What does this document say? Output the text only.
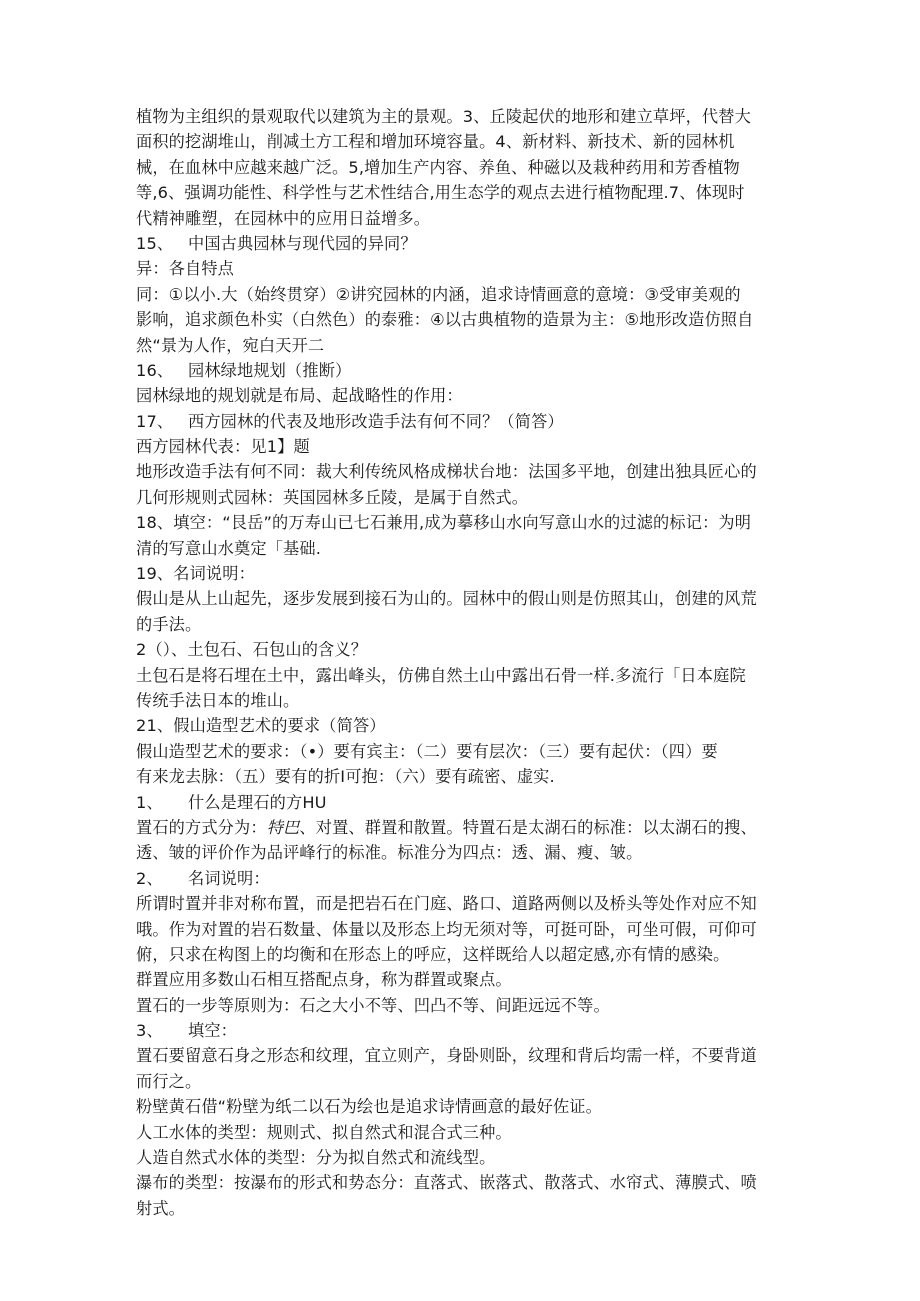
植物为主组织的景观取代以建筑为主的景观。3、丘陵起伏的地形和建立草坪，代替大
面积的挖湖堆山，削减土方工程和增加环境容量。4、新材料、新技术、新的园林机
械，在血林中应越来越广泛。5,增加生产内容、养鱼、种磁以及栽种药用和芳香植物
等,6、强调功能性、科学性与艺术性结合,用生态学的观点去进行植物配理.7、体现时
代精神雕塑，在园林中的应用日益增多。
15、 中国古典园林与现代园的异同？
异：各自特点
同：①以小.大（始终贯穿）②讲究园林的内涵，追求诗情画意的意境：③受审美观的
影响，追求颜色朴实（白然色）的泰雅：④以古典植物的造景为主：⑤地形改造仿照自
然“景为人作，宛白天开二
16、 园林绿地规划（推断）
园林绿地的规划就是布局、起战略性的作用：
17、 西方园林的代表及地形改造手法有何不同？（简答）
西方园林代表：见1】题
地形改造手法有何不同：裁大利传统风格成梯状台地：法国多平地，创建出独具匠心的
几何形规则式园林：英国园林多丘陵，是属于自然式。
18、填空：“艮岳”的万寿山已七石兼用,成为摹移山水向写意山水的过滤的标记：为明
清的写意山水奠定「基础.
19、名词说明：
假山是从上山起先，逐步发展到接石为山的。园林中的假山则是仿照其山，创建的风荒
的手法。
2（）、土包石、石包山的含义？
土包石是将石埋在土中，露出峰头，仿佛自然土山中露出石骨一样.多流行「日本庭院
传统手法日本的堆山。
21、假山造型艺术的要求（简答）
假山造型艺术的要求：（•）要有宾主：（二）要有层次：（三）要有起伏：（四）要
有来龙去脉：（五）要有的折I可抱：（六）要有疏密、虚实.
1、 什么是理石的方HU
置石的方式分为：特巴、对置、群置和散置。特置石是太湖石的标准：以太湖石的搜、
透、皱的评价作为品评峰行的标准。标准分为四点：透、漏、瘦、皱。
2、 名词说明：
所谓时置并非对称布置，而是把岩石在门庭、路口、道路两侧以及桥头等处作对应不知
哦。作为对置的岩石数量、体量以及形态上均无须对等，可挺可卧，可坐可假，可仰可
俯，只求在构图上的均衡和在形态上的呼应，这样既给人以超定感,亦有情的感染。
群置应用多数山石相互搭配点身，称为群置或聚点。
置石的一步等原则为：石之大小不等、凹凸不等、间距远远不等。
3、 填空：
置石要留意石身之形态和纹理，宜立则产，身卧则卧，纹理和背后均需一样，不要背道
而行之。
粉壁黄石借“粉壁为纸二以石为绘也是追求诗情画意的最好佐证。
人工水体的类型：规则式、拟自然式和混合式三种。
人造自然式水体的类型：分为拟自然式和流线型。
瀑布的类型：按瀑布的形式和势态分：直落式、嵌落式、散落式、水帘式、薄膜式、喷
射式。
